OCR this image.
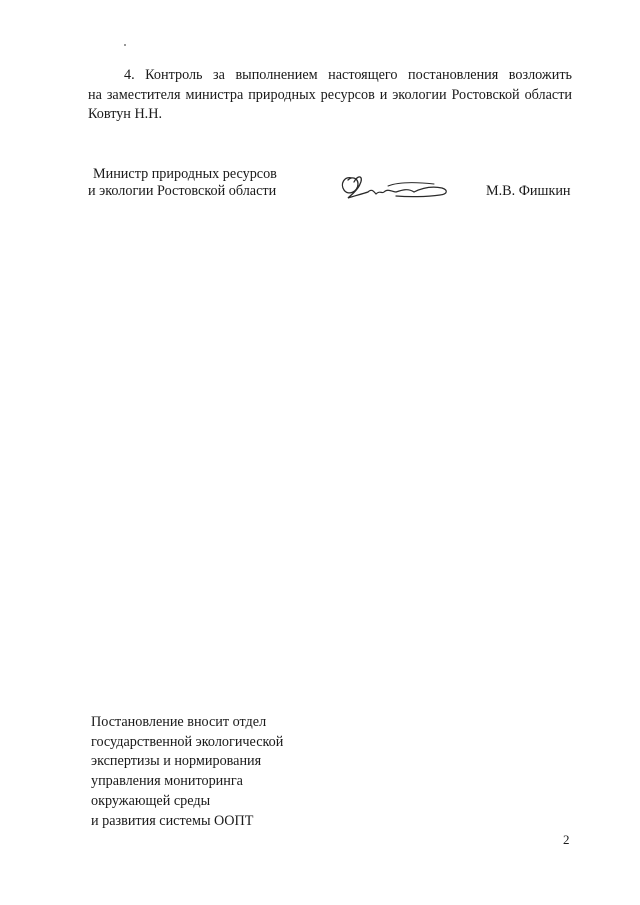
4. Контроль за выполнением настоящего постановления возложить
на заместителя министра природных ресурсов и экологии Ростовской области
Ковтун Н.Н.
Министр природных ресурсов
и экологии Ростовской области	М.В. Фишкин
Постановление вносит отдел
государственной экологической
экспертизы и нормирования
управления мониторинга
окружающей среды
и развития системы ООПТ
2
